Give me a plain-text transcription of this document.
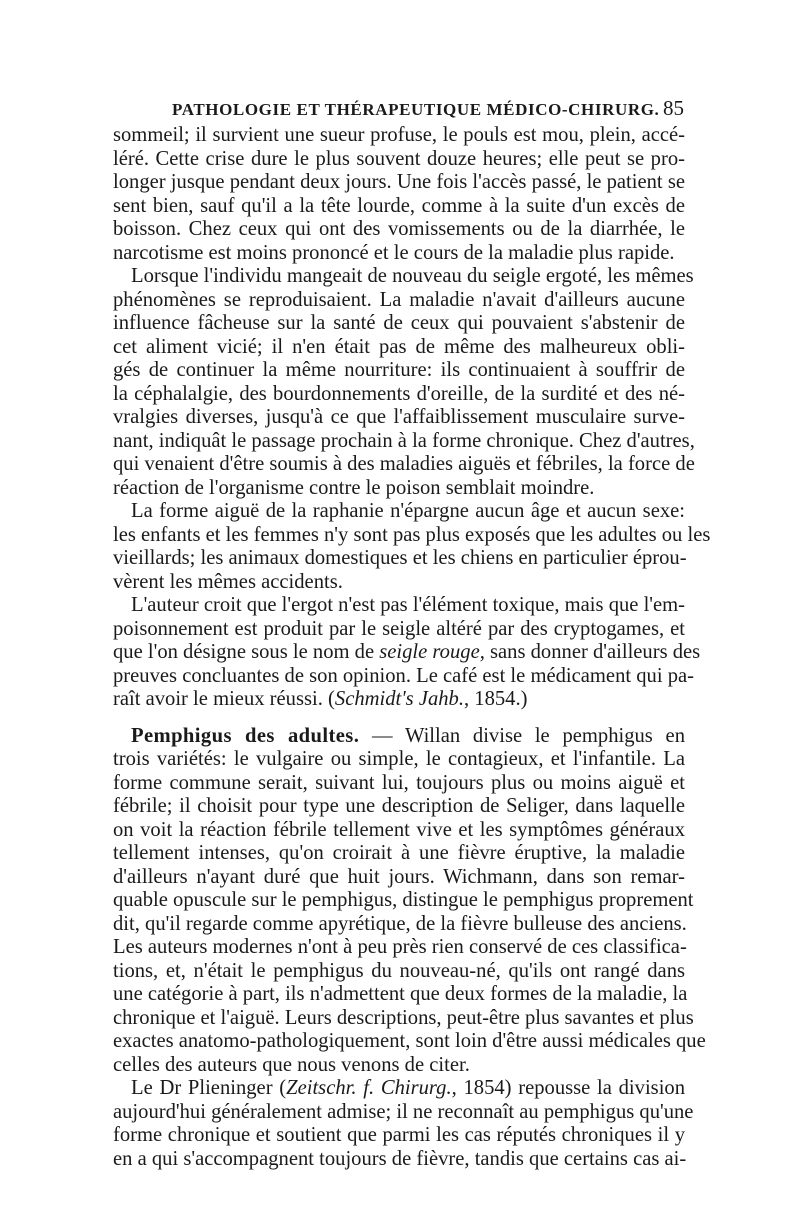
PATHOLOGIE ET THÉRAPEUTIQUE MÉDICO-CHIRURG. 85
sommeil; il survient une sueur profuse, le pouls est mou, plein, accé-
léré. Cette crise dure le plus souvent douze heures; elle peut se pro-
longer jusque pendant deux jours. Une fois l'accès passé, le patient se
sent bien, sauf qu'il a la tête lourde, comme à la suite d'un excès de
boisson. Chez ceux qui ont des vomissements ou de la diarrhée, le
narcotisme est moins prononcé et le cours de la maladie plus rapide.
Lorsque l'individu mangeait de nouveau du seigle ergoté, les mêmes
phénomènes se reproduisaient. La maladie n'avait d'ailleurs aucune
influence fâcheuse sur la santé de ceux qui pouvaient s'abstenir de
cet aliment vicié; il n'en était pas de même des malheureux obli-
gés de continuer la même nourriture: ils continuaient à souffrir de
la céphalalgie, des bourdonnements d'oreille, de la surdité et des né-
vralgies diverses, jusqu'à ce que l'affaiblissement musculaire surve-
nant, indiquât le passage prochain à la forme chronique. Chez d'autres,
qui venaient d'être soumis à des maladies aiguës et fébriles, la force de
réaction de l'organisme contre le poison semblait moindre.
La forme aiguë de la raphanie n'épargne aucun âge et aucun sexe:
les enfants et les femmes n'y sont pas plus exposés que les adultes ou les
vieillards; les animaux domestiques et les chiens en particulier éprou-
vèrent les mêmes accidents.
L'auteur croit que l'ergot n'est pas l'élément toxique, mais que l'em-
poisonnement est produit par le seigle altéré par des cryptogames, et
que l'on désigne sous le nom de seigle rouge, sans donner d'ailleurs des
preuves concluantes de son opinion. Le café est le médicament qui pa-
raît avoir le mieux réussi. (Schmidt's Jahb., 1854.)
Pemphigus des adultes. — Willan divise le pemphigus en
trois variétés: le vulgaire ou simple, le contagieux, et l'infantile. La
forme commune serait, suivant lui, toujours plus ou moins aiguë et
fébrile; il choisit pour type une description de Seliger, dans laquelle
on voit la réaction fébrile tellement vive et les symptômes généraux
tellement intenses, qu'on croirait à une fièvre éruptive, la maladie
d'ailleurs n'ayant duré que huit jours. Wichmann, dans son remar-
quable opuscule sur le pemphigus, distingue le pemphigus proprement
dit, qu'il regarde comme apyrétique, de la fièvre bulleuse des anciens.
Les auteurs modernes n'ont à peu près rien conservé de ces classifica-
tions, et, n'était le pemphigus du nouveau-né, qu'ils ont rangé dans
une catégorie à part, ils n'admettent que deux formes de la maladie, la
chronique et l'aiguë. Leurs descriptions, peut-être plus savantes et plus
exactes anatomo-pathologiquement, sont loin d'être aussi médicales que
celles des auteurs que nous venons de citer.
Le Dr Plieninger (Zeitschr. f. Chirurg., 1854) repousse la division
aujourd'hui généralement admise; il ne reconnaît au pemphigus qu'une
forme chronique et soutient que parmi les cas réputés chroniques il y
en a qui s'accompagnent toujours de fièvre, tandis que certains cas ai-
